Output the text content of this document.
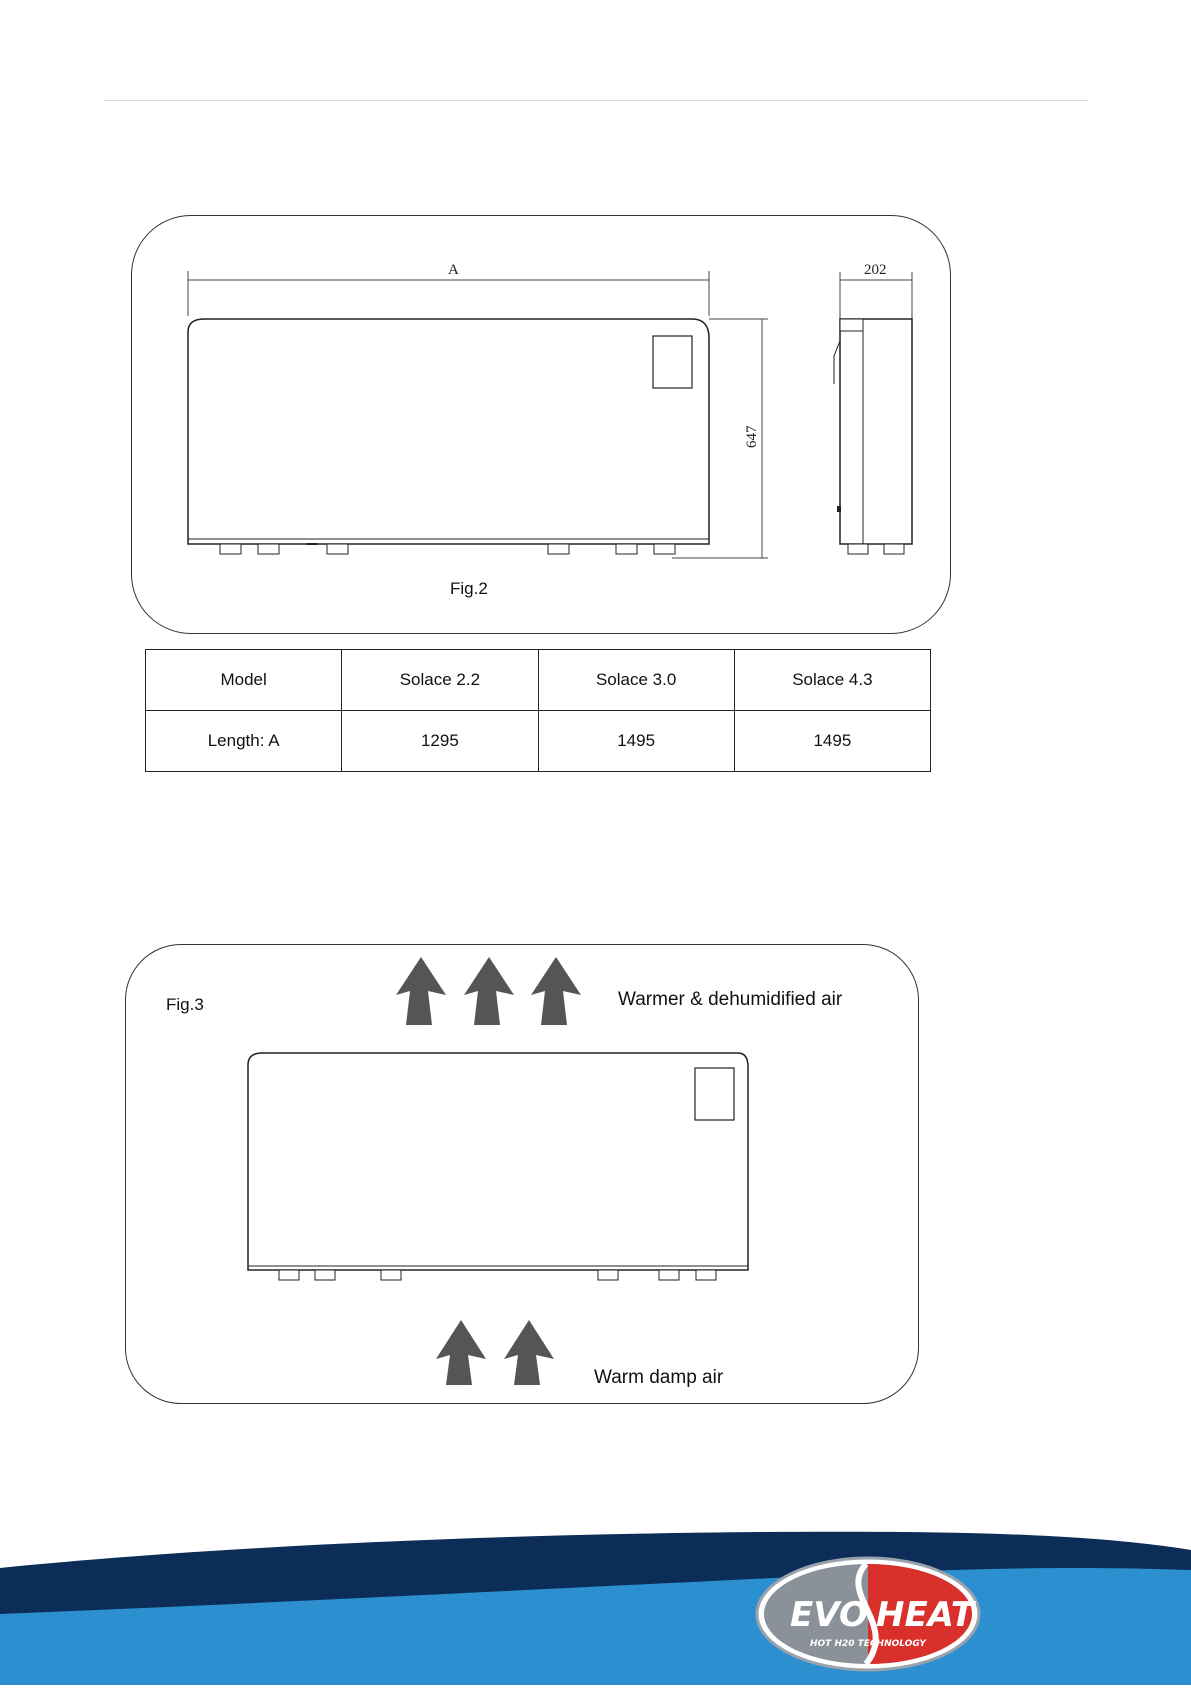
A
647
202
Fig.2
Model	Solace 2.2	Solace 3.0	Solace 4.3
Length: A	1295	1495	1495
Fig.3	Warmer & dehumidified air
Warm damp air
EVO HEAT
HOT H20 TECHNOLOGY
